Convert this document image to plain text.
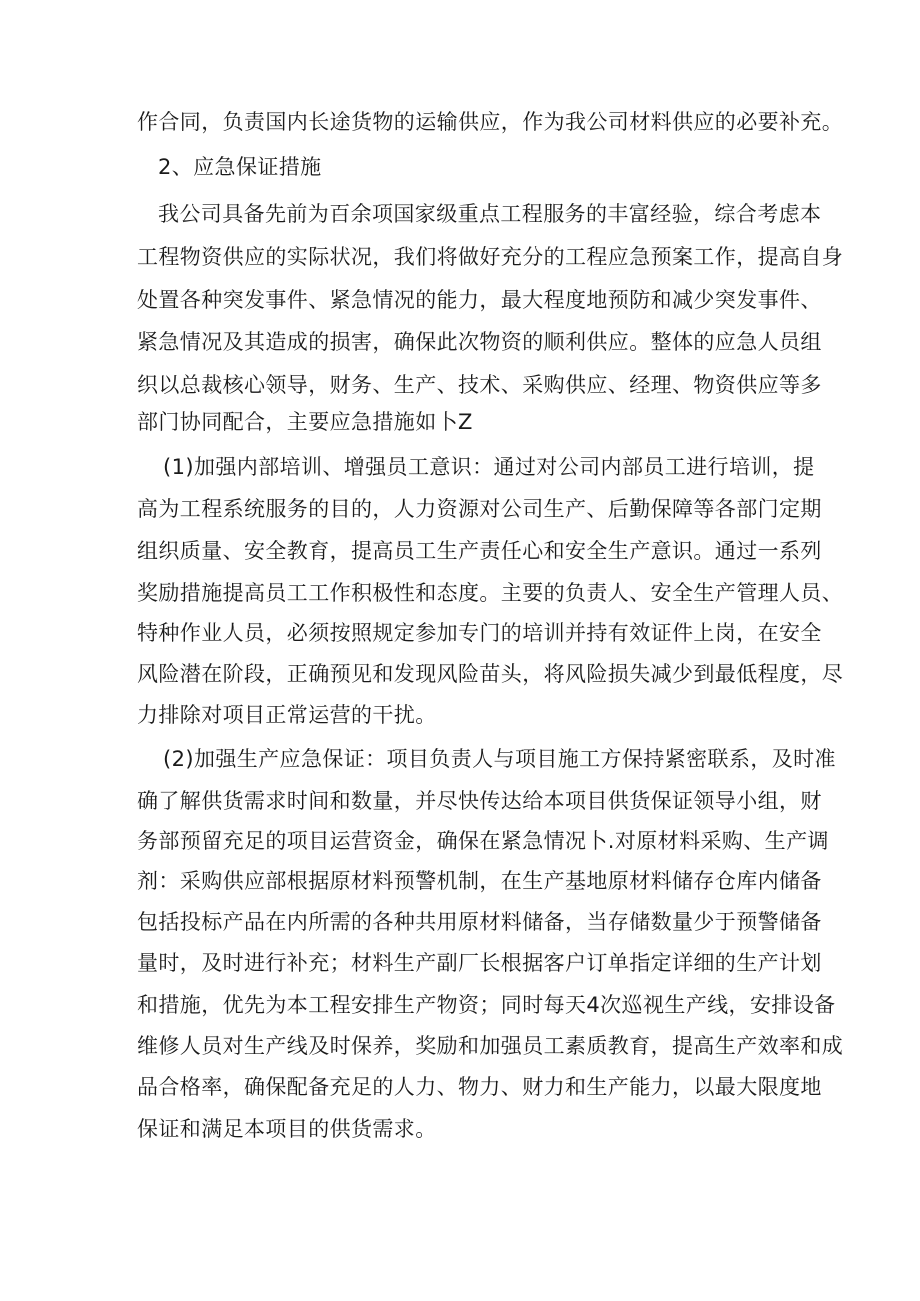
作合同，负责国内长途货物的运输供应，作为我公司材料供应的必要补充。
2、应急保证措施
我公司具备先前为百余项国家级重点工程服务的丰富经验，综合考虑本
工程物资供应的实际状况，我们将做好充分的工程应急预案工作，提高自身
处置各种突发事件、紧急情况的能力，最大程度地预防和减少突发事件、
紧急情况及其造成的损害，确保此次物资的顺利供应。整体的应急人员组
织以总裁核心领导，财务、生产、技术、采购供应、经理、物资供应等多
部门协同配合，主要应急措施如卜Z
(1)加强内部培训、增强员工意识：通过对公司内部员工进行培训，提
高为工程系统服务的目的，人力资源对公司生产、后勤保障等各部门定期
组织质量、安全教育，提高员工生产责任心和安全生产意识。通过一系列
奖励措施提高员工工作积极性和态度。主要的负责人、安全生产管理人员、
特种作业人员，必须按照规定参加专门的培训并持有效证件上岗，在安全
风险潜在阶段，正确预见和发现风险苗头，将风险损失减少到最低程度，尽
力排除对项目正常运营的干扰。
(2)加强生产应急保证：项目负责人与项目施工方保持紧密联系，及时准
确了解供货需求时间和数量，并尽快传达给本项目供货保证领导小组，财
务部预留充足的项目运营资金，确保在紧急情况卜.对原材料采购、生产调
剂：采购供应部根据原材料预警机制，在生产基地原材料储存仓库内储备
包括投标产品在内所需的各种共用原材料储备，当存储数量少于预警储备
量时，及时进行补充；材料生产副厂长根据客户订单指定详细的生产计划
和措施，优先为本工程安排生产物资；同时每天4次巡视生产线，安排设备
维修人员对生产线及时保养，奖励和加强员工素质教育，提高生产效率和成
品合格率，确保配备充足的人力、物力、财力和生产能力，以最大限度地
保证和满足本项目的供货需求。
